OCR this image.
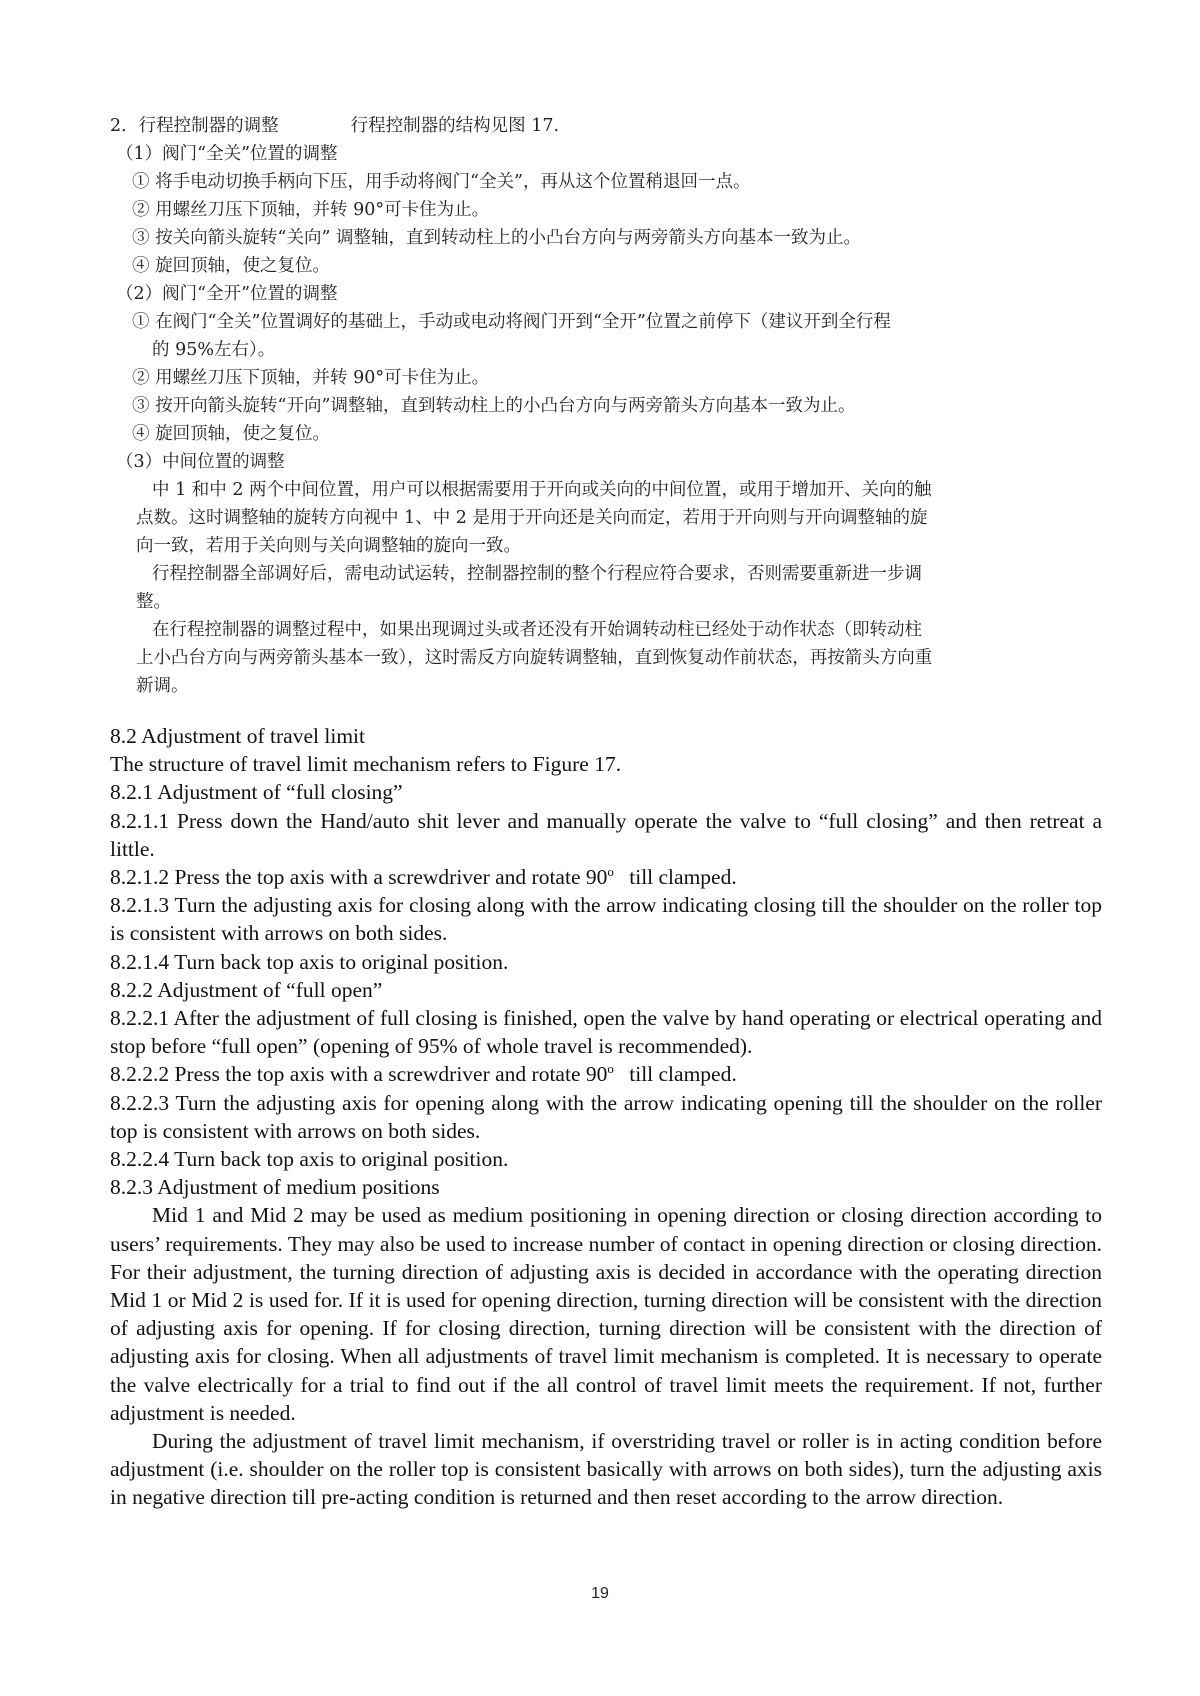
2．行程控制器的调整	行程控制器的结构见图 17.

（1）阀门“全关”位置的调整

① 将手电动切换手柄向下压，用手动将阀门“全关”，再从这个位置稍退回一点。

② 用螺丝刀压下顶轴，并转 90°可卡住为止。

③ 按关向箭头旋转“关向” 调整轴，直到转动柱上的小凸台方向与两旁箭头方向基本一致为止。

④ 旋回顶轴，使之复位。

（2）阀门“全开”位置的调整

① 在阀门“全关”位置调好的基础上，手动或电动将阀门开到“全开”位置之前停下（建议开到全行程

的 95%左右）。

② 用螺丝刀压下顶轴，并转 90°可卡住为止。

③ 按开向箭头旋转“开向”调整轴，直到转动柱上的小凸台方向与两旁箭头方向基本一致为止。

④ 旋回顶轴，使之复位。

（3）中间位置的调整

中 1 和中 2 两个中间位置，用户可以根据需要用于开向或关向的中间位置，或用于增加开、关向的触

点数。这时调整轴的旋转方向视中 1、中 2 是用于开向还是关向而定，若用于开向则与开向调整轴的旋

向一致，若用于关向则与关向调整轴的旋向一致。

行程控制器全部调好后，需电动试运转，控制器控制的整个行程应符合要求，否则需要重新进一步调

整。

在行程控制器的调整过程中，如果出现调过头或者还没有开始调转动柱已经处于动作状态（即转动柱

上小凸台方向与两旁箭头基本一致），这时需反方向旋转调整轴，直到恢复动作前状态，再按箭头方向重

新调。

8.2 Adjustment of travel limit

The structure of travel limit mechanism refers to Figure 17.

8.2.1 Adjustment of “full closing”

8.2.1.1 Press down the Hand/auto shit lever and manually operate the valve to “full closing” and then retreat a little.

8.2.1.2 Press the top axis with a screwdriver and rotate 90$^o$ till clamped.

8.2.1.3 Turn the adjusting axis for closing along with the arrow indicating closing till the shoulder on the roller top is consistent with arrows on both sides.

8.2.1.4 Turn back top axis to original position.

8.2.2 Adjustment of “full open”

8.2.2.1 After the adjustment of full closing is finished, open the valve by hand operating or electrical operating and stop before “full open” (opening of 95% of whole travel is recommended).

8.2.2.2 Press the top axis with a screwdriver and rotate 90$^o$ till clamped.

8.2.2.3 Turn the adjusting axis for opening along with the arrow indicating opening till the shoulder on the roller top is consistent with arrows on both sides.

8.2.2.4 Turn back top axis to original position.

8.2.3 Adjustment of medium positions

Mid 1 and Mid 2 may be used as medium positioning in opening direction or closing direction according to users’ requirements. They may also be used to increase number of contact in opening direction or closing direction. For their adjustment, the turning direction of adjusting axis is decided in accordance with the operating direction Mid 1 or Mid 2 is used for. If it is used for opening direction, turning direction will be consistent with the direction of adjusting axis for opening. If for closing direction, turning direction will be consistent with the direction of adjusting axis for closing. When all adjustments of travel limit mechanism is completed. It is necessary to operate the valve electrically for a trial to find out if the all control of travel limit meets the requirement. If not, further adjustment is needed.

During the adjustment of travel limit mechanism, if overstriding travel or roller is in acting condition before adjustment (i.e. shoulder on the roller top is consistent basically with arrows on both sides), turn the adjusting axis in negative direction till pre-acting condition is returned and then reset according to the arrow direction.

19
